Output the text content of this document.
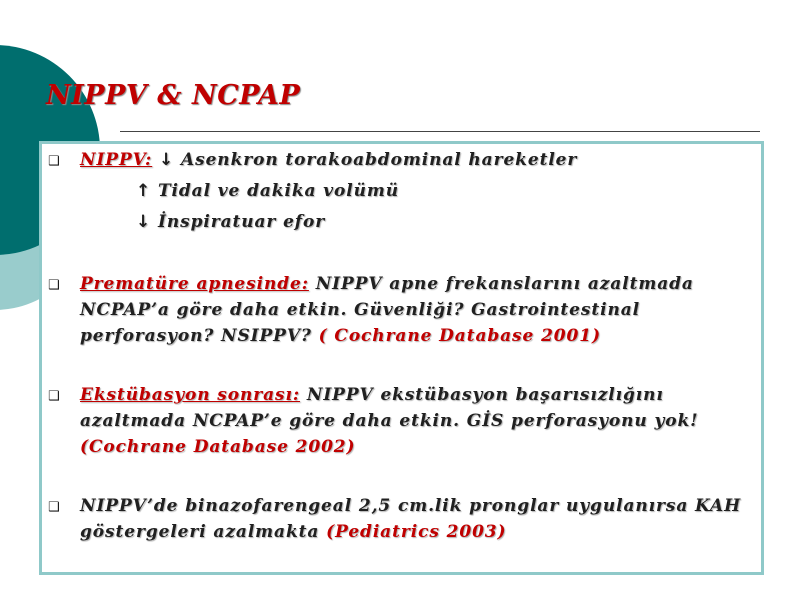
NIPPV & NCPAP
❑ NIPPV: ↓ Asenkron torakoabdominal hareketler
↑ Tidal ve dakika volümü
↓ İnspiratuar efor
❑ Prematüre apnesinde: NIPPV apne frekanslarını azaltmada
NCPAP’a göre daha etkin. Güvenliği? Gastrointestinal
perforasyon? NSIPPV? ( Cochrane Database 2001)
❑ Ekstübasyon sonrası: NIPPV ekstübasyon başarısızlığını
azaltmada NCPAP’e göre daha etkin. GİS perforasyonu yok!
(Cochrane Database 2002)
❑ NIPPV’de binazofarengeal 2,5 cm.lik pronglar uygulanırsa KAH
göstergeleri azalmakta (Pediatrics 2003)
